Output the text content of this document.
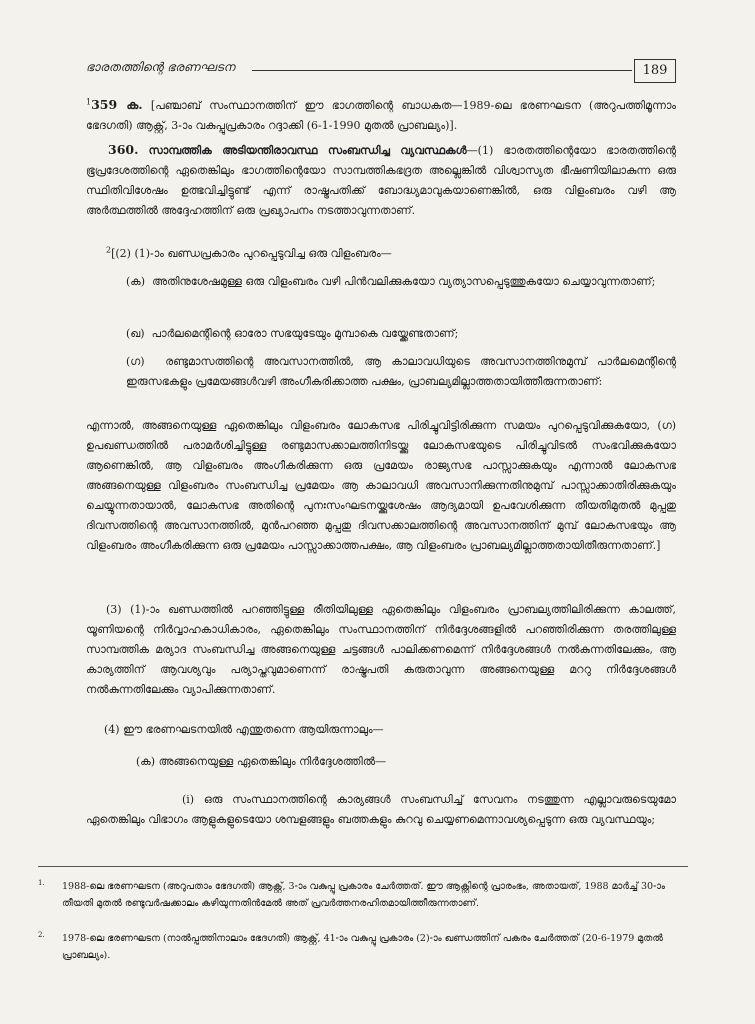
ഭാരതത്തിന്റെ ഭരണഘടന	189

$^1$359 ക. [പഞ്ചാബ് സംസ്ഥാനത്തിന് ഈ ഭാഗത്തിന്റെ ബാധകത—1989-ലെ ഭരണഘടന (അറുപത്തിമൂന്നാം ഭേദഗതി) ആക്റ്റ്, 3-ാം വകുപ്പുപ്രകാരം റദ്ദാക്കി (6-1-1990 മുതൽ പ്രാബല്യം)].

360. സാമ്പത്തിക അടിയന്തിരാവസ്ഥ സംബന്ധിച്ച വ്യവസ്ഥകൾ—(1) ഭാരതത്തിന്റെയോ ഭാരതത്തിന്റെ ഭൂപ്രദേശത്തിന്റെ ഏതെങ്കിലും ഭാഗത്തിന്റെയോ സാമ്പത്തികഭദ്രത അല്ലെങ്കിൽ വിശ്വാസ്യത ഭീഷണിയിലാകുന്ന ഒരു സ്ഥിതിവിശേഷം ഉത്ഭവിച്ചിട്ടുണ്ട് എന്ന് രാഷ്ട്രപതിക്ക് ബോദ്ധ്യമാവുകയാണെങ്കിൽ, ഒരു വിളംബരം വഴി ആ അർത്ഥത്തിൽ അദ്ദേഹത്തിന് ഒരു പ്രഖ്യാപനം നടത്താവുന്നതാണ്.

$^2$[(2) (1)-ാം ഖണ്ഡപ്രകാരം പുറപ്പെടുവിച്ച ഒരു വിളംബരം—

(ക) അതിനുശേഷമുള്ള ഒരു വിളംബരം വഴി പിൻവലിക്കുകയോ വ്യത്യാസപ്പെടുത്തുകയോ ചെയ്യാവുന്നതാണ്;

(ഖ) പാർലമെന്റിന്റെ ഓരോ സഭയുടേയും മുമ്പാകെ വയ്ക്കേണ്ടതാണ്;

(ഗ) രണ്ടുമാസത്തിന്റെ അവസാനത്തിൽ, ആ കാലാവധിയുടെ അവസാനത്തിനുമുമ്പ് പാർലമെന്റിന്റെ ഇരുസഭകളും പ്രമേയങ്ങൾവഴി അംഗീകരിക്കാത്ത പക്ഷം, പ്രാബല്യമില്ലാത്തതായിത്തീരുന്നതാണ്:

എന്നാൽ, അങ്ങനെയുള്ള ഏതെങ്കിലും വിളംബരം ലോകസഭ പിരിച്ചുവിട്ടിരിക്കുന്ന സമയം പുറപ്പെടുവിക്കുകയോ, (ഗ) ഉപഖണ്ഡത്തിൽ പരാമർശിച്ചിട്ടുള്ള രണ്ടുമാസക്കാലത്തിനിടയ്ക്കു ലോകസഭയുടെ പിരിച്ചുവിടൽ സംഭവിക്കുകയോ ആണെങ്കിൽ, ആ വിളംബരം അംഗീകരിക്കുന്ന ഒരു പ്രമേയം രാജ്യസഭ പാസ്സാക്കുകയും എന്നാൽ ലോകസഭ അങ്ങനെയുള്ള വിളംബരം സംബന്ധിച്ച പ്രമേയം ആ കാലാവധി അവസാനിക്കുന്നതിനുമുമ്പ് പാസ്സാക്കാതിരിക്കുകയും ചെയ്യുന്നതായാൽ, ലോകസഭ അതിന്റെ പുനഃസംഘടനയ്ക്കുശേഷം ആദ്യമായി ഉപവേശിക്കുന്ന തീയതിമുതൽ മുപ്പതു ദിവസത്തിന്റെ അവസാനത്തിൽ, മുൻപറഞ്ഞ മുപ്പതു ദിവസക്കാലത്തിന്റെ അവസാനത്തിന് മുമ്പ് ലോകസഭയും ആ വിളംബരം അംഗീകരിക്കുന്ന ഒരു പ്രമേയം പാസ്സാക്കാത്തപക്ഷം, ആ വിളംബരം പ്രാബല്യമില്ലാത്തതായിതീരുന്നതാണ്.]

(3) (1)-ാം ഖണ്ഡത്തിൽ പറഞ്ഞിട്ടുള്ള രീതിയിലുള്ള ഏതെങ്കിലും വിളംബരം പ്രാബല്യത്തിലിരിക്കുന്ന കാലത്ത്, യൂണിയന്റെ നിർവ്വാഹകാധികാരം, ഏതെങ്കിലും സംസ്ഥാനത്തിന് നിർദ്ദേശങ്ങളിൽ പറഞ്ഞിരിക്കുന്ന തരത്തിലുള്ള സാമ്പത്തിക മര്യാദ സംബന്ധിച്ച അങ്ങനെയുള്ള ചട്ടങ്ങൾ പാലിക്കണമെന്ന് നിർദ്ദേശങ്ങൾ നൽകുന്നതിലേക്കും, ആ കാര്യത്തിന് ആവശ്യവും പര്യാപ്തവുമാണെന്ന് രാഷ്ട്രപതി കരുതാവുന്ന അങ്ങനെയുള്ള മററു നിർദ്ദേശങ്ങൾ നൽകുന്നതിലേക്കും വ്യാപിക്കുന്നതാണ്.

(4) ഈ ഭരണഘടനയിൽ എന്തുതന്നെ ആയിരുന്നാലും—

(ക) അങ്ങനെയുള്ള ഏതെങ്കിലും നിർദ്ദേശത്തിൽ—

(i) ഒരു സംസ്ഥാനത്തിന്റെ കാര്യങ്ങൾ സംബന്ധിച്ച് സേവനം നടത്തുന്ന എല്ലാവരുടെയുമോ ഏതെങ്കിലും വിഭാഗം ആളുകളുടെയോ ശമ്പളങ്ങളും ബത്തകളും കുറവു ചെയ്യണമെന്നാവശ്യപ്പെടുന്ന ഒരു വ്യവസ്ഥയും;

1. 1988-ലെ ഭരണഘടന (അറുപതാം ഭേദഗതി) ആക്റ്റ്, 3-ാം വകുപ്പു പ്രകാരം ചേർത്തത്. ഈ ആക്റ്റിന്റെ പ്രാരംഭം, അതായത്, 1988 മാർച്ച് 30-ാം തീയതി മുതൽ രണ്ടുവർഷക്കാലം കഴിയുന്നതിൻമേൽ അത് പ്രവർത്തനരഹിതമായിത്തീരുന്നതാണ്.
2. 1978-ലെ ഭരണഘടന (നാൽപ്പത്തിനാലാം ഭേദഗതി) ആക്റ്റ്, 41-ാം വകുപ്പു പ്രകാരം (2)-ാം ഖണ്ഡത്തിന് പകരം ചേർത്തത് (20-6-1979 മുതൽ പ്രാബല്യം).
